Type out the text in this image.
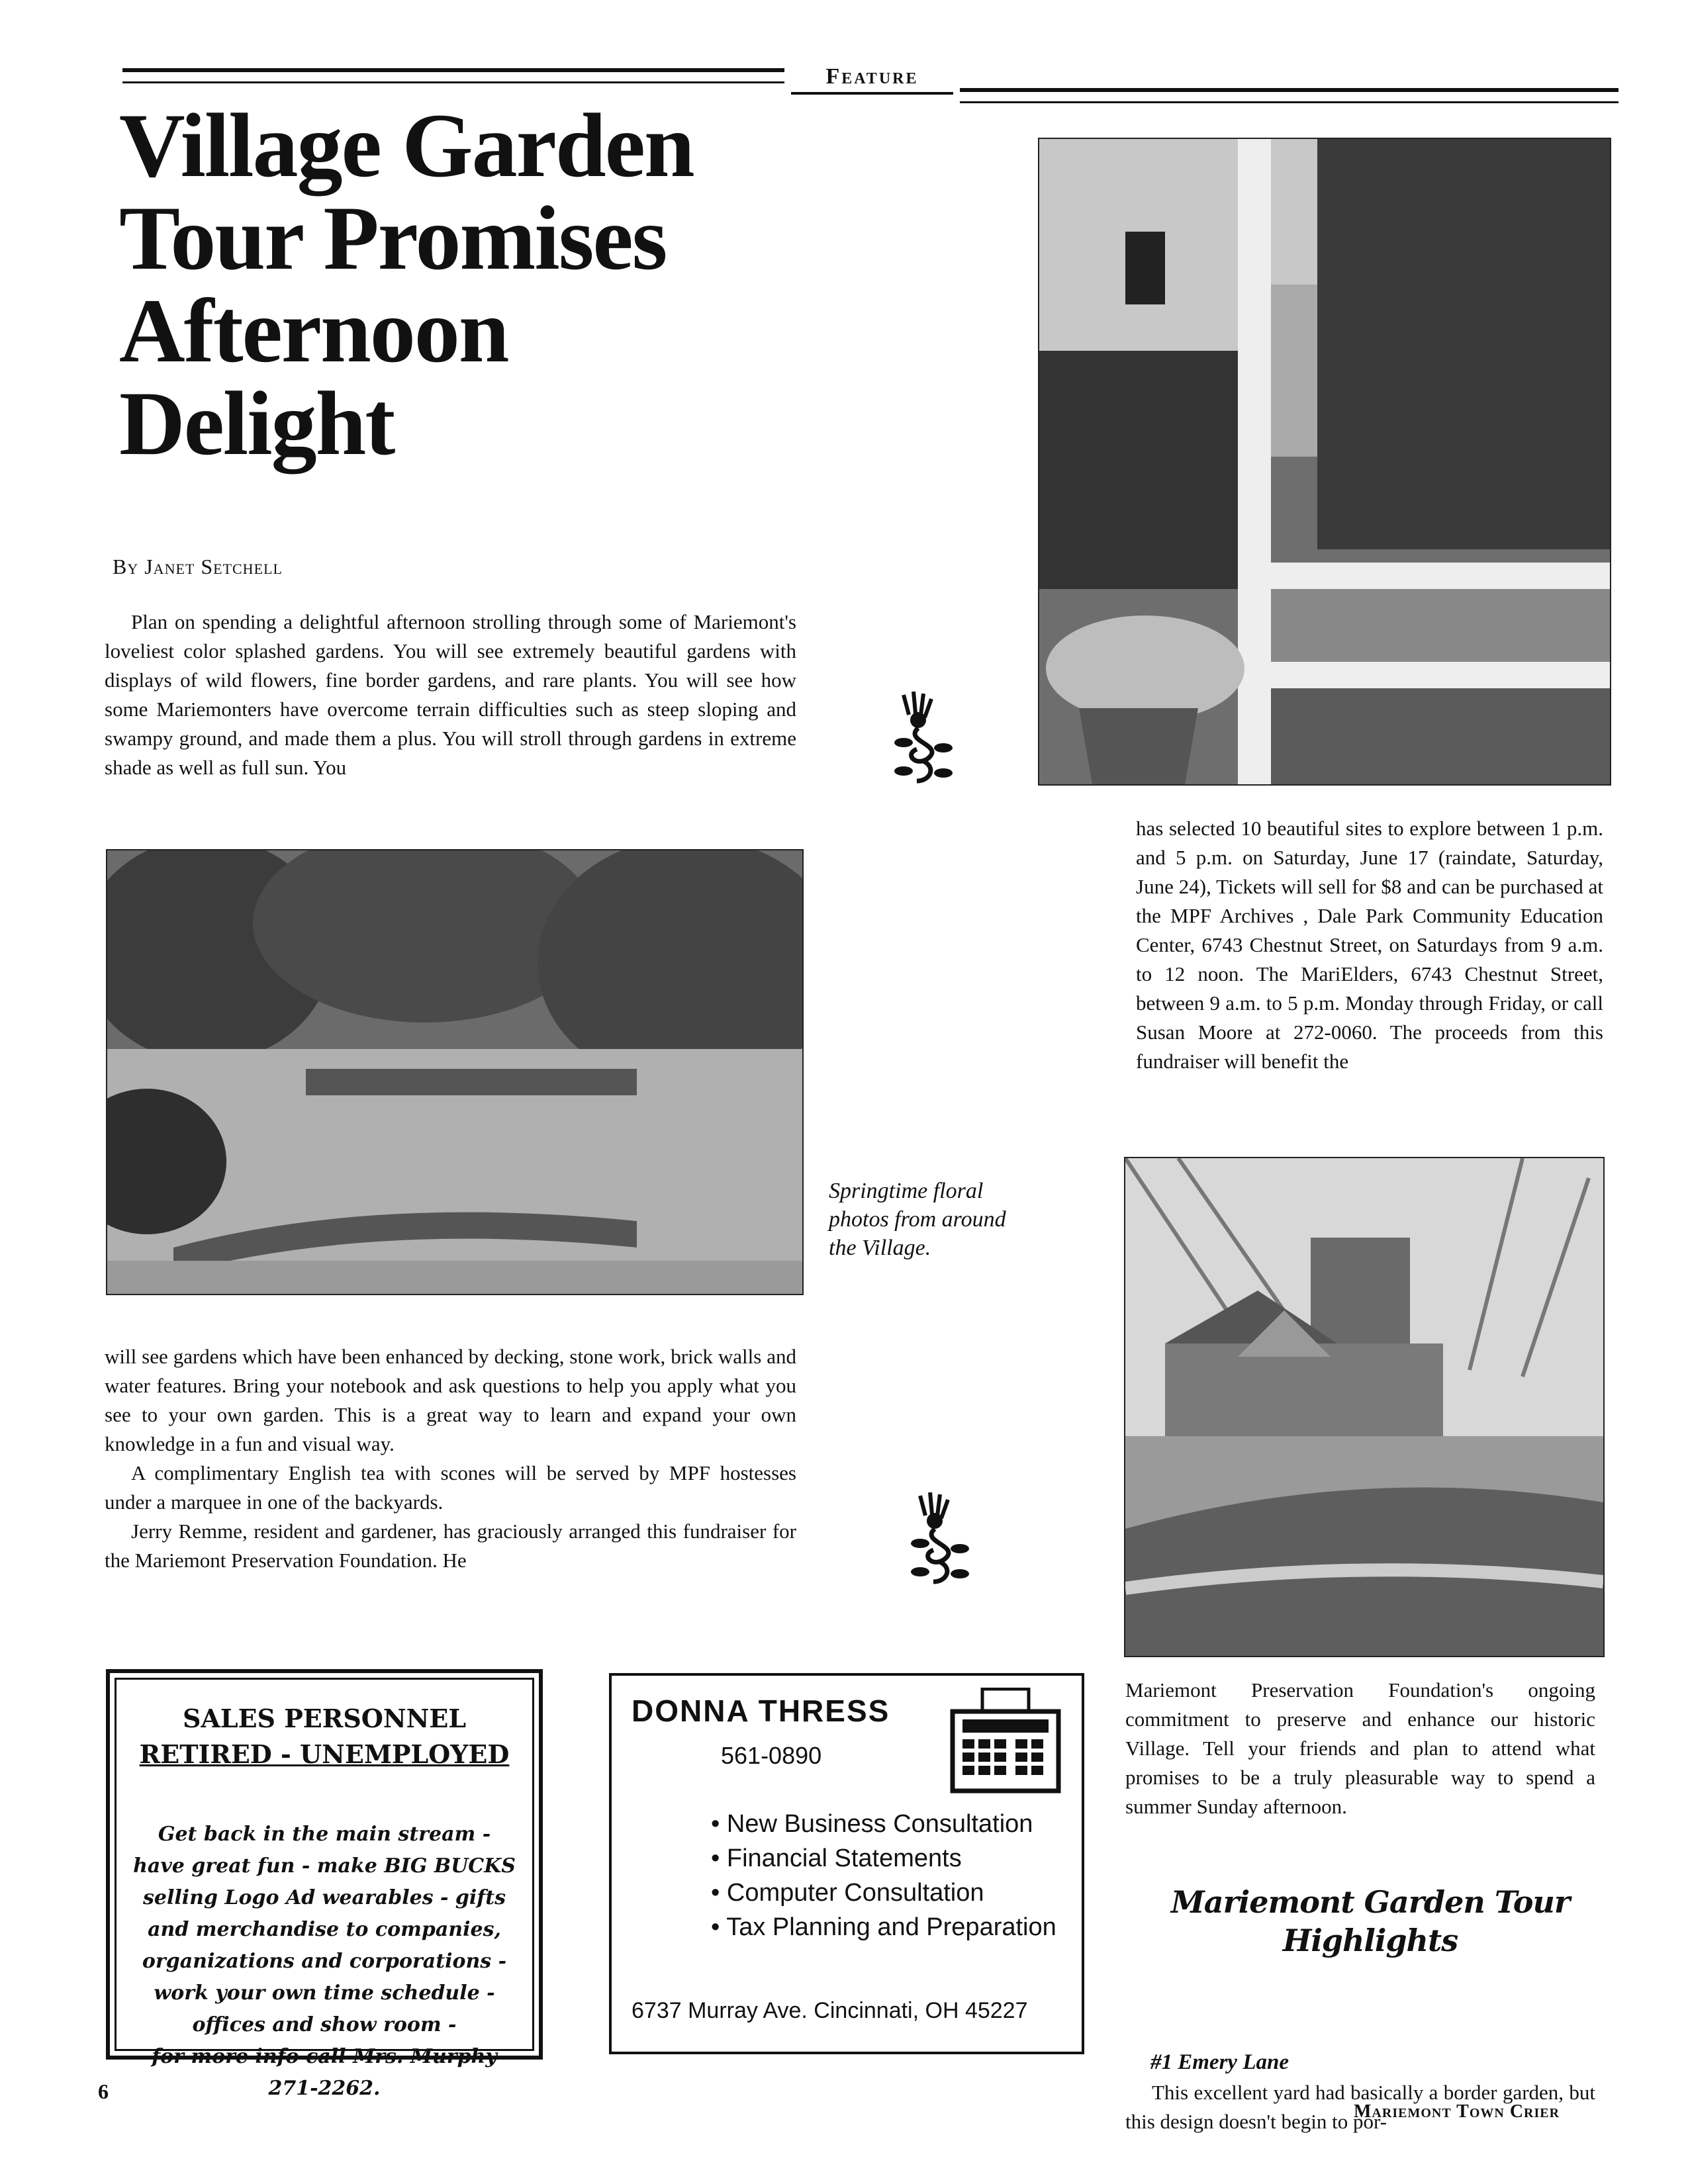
Feature
Village Garden
Tour Promises
Afternoon
Delight
By Janet Setchell

Plan on spending a delightful afternoon strolling through some of Mariemont's loveliest color splashed gardens. You will see extremely beautiful gardens with displays of wild flowers, fine border gardens, and rare plants. You will see how some Mariemonters have overcome terrain difficulties such as steep sloping and swampy ground, and made them a plus. You will stroll through gardens in extreme shade as well as full sun. You

will see gardens which have been enhanced by decking, stone work, brick walls and water features. Bring your notebook and ask questions to help you apply what you see to your own garden. This is a great way to learn and expand your own knowledge in a fun and visual way.

A complimentary English tea with scones will be served by MPF hostesses under a marquee in one of the backyards.

Jerry Remme, resident and gardener, has graciously arranged this fundraiser for the Mariemont Preservation Foundation. He

has selected 10 beautiful sites to explore between 1 p.m. and 5 p.m. on Saturday, June 17 (raindate, Saturday, June 24), Tickets will sell for $8 and can be purchased at the MPF Archives , Dale Park Community Education Center, 6743 Chestnut Street, on Saturdays from 9 a.m. to 12 noon. The MariElders, 6743 Chestnut Street, between 9 a.m. to 5 p.m. Monday through Friday, or call Susan Moore at 272-0060. The proceeds from this fundraiser will benefit the

Springtime floral photos from around the Village.

Mariemont Preservation Foundation's ongoing commitment to preserve and enhance our historic Village. Tell your friends and plan to attend what promises to be a truly pleasurable way to spend a summer Sunday afternoon.

Mariemont Garden Tour
Highlights
#1 Emery Lane

This excellent yard had basically a border garden, but this design doesn't begin to por-

SALES PERSONNEL
RETIRED - UNEMPLOYED
Get back in the main stream -
have great fun - make BIG BUCKS
selling Logo Ad wearables - gifts
and merchandise to companies,
organizations and corporations -
work your own time schedule -
offices and show room -
for more info call Mrs. Murphy
271-2262.
DONNA THRESS
561-0890
• New Business Consultation
• Financial Statements
• Computer Consultation
• Tax Planning and Preparation
6737 Murray Ave. Cincinnati, OH 45227
6
Mariemont Town Crier
